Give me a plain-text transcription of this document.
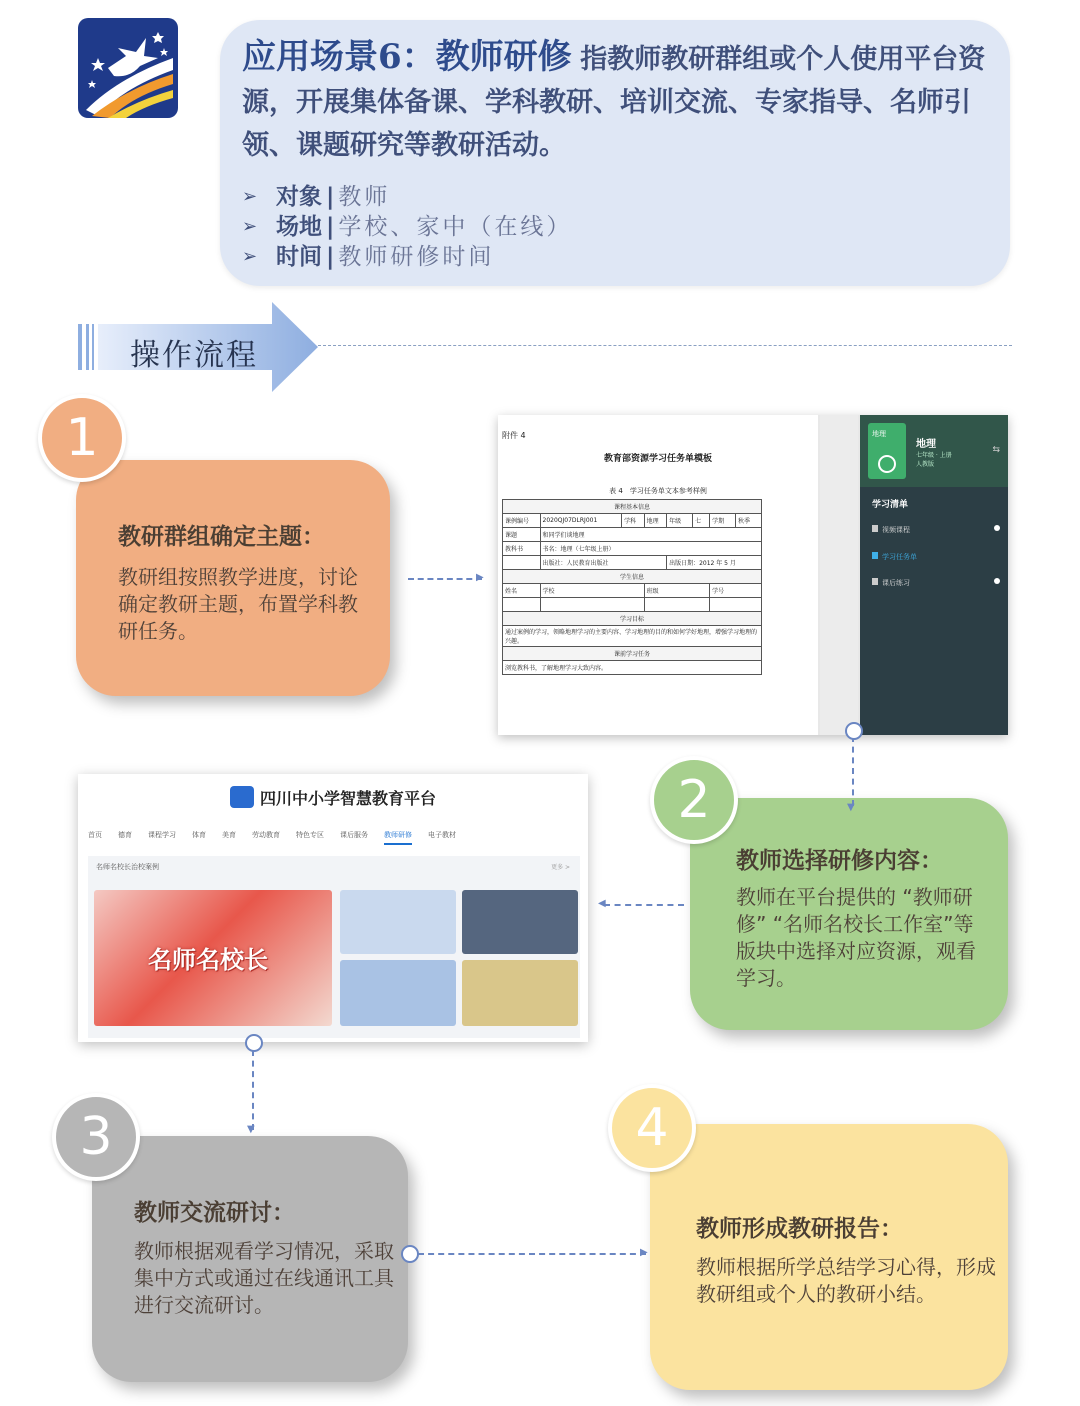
应用场景6：教师研修 指教师教研群组或个人使用平台资源，开展集体备课、学科教研、培训交流、专家指导、名师引领、课题研究等教研活动。
➢ 对象 | 教师
➢ 场地 | 学校、家中（在线）
➢ 时间 | 教师研修时间
操作流程
附件 4
教育部资源学习任务单模板
表 4　学习任务单文本参考样例
课程基本信息							
课例编号	2020QJ07DLRJ001	学科	地理	年级	七	学期	秋季
课题	和同学们谈地理						
教科书	书名：地理（七年级上册）						
	出版社：人民教育出版社			出版日期：2012 年 5 月			
学生信息							
姓名	学校		班级			学号	

学习目标							
通过案例的学习，领略地理学习的主要内容、学习地理的目的和如何学好地理，增强学习地理的兴趣。							
课前学习任务							
浏览教科书，了解地理学习大致内容。							
地理
地理
七年级 · 上册
人教版
⇆
学习清单
视频课程
学习任务单
课后练习
四川中小学智慧教育平台
首页 德育 课程学习 体育 美育 劳动教育 特色专区 课后服务 教师研修 电子教材
名师名校长治校案例	更多 >
名师名校长
教研群组确定主题：
教研组按照教学进度，讨论确定教研主题，布置学科教研任务。
1
教师选择研修内容：
教师在平台提供的 “教师研修” “名师名校长工作室”等版块中选择对应资源，观看学习。
2
教师交流研讨：
教师根据观看学习情况，采取集中方式或通过在线通讯工具进行交流研讨。
3
教师形成教研报告：
教师根据所学总结学习心得，形成教研组或个人的教研小结。
4
▶
▼
◀
▼
▶
